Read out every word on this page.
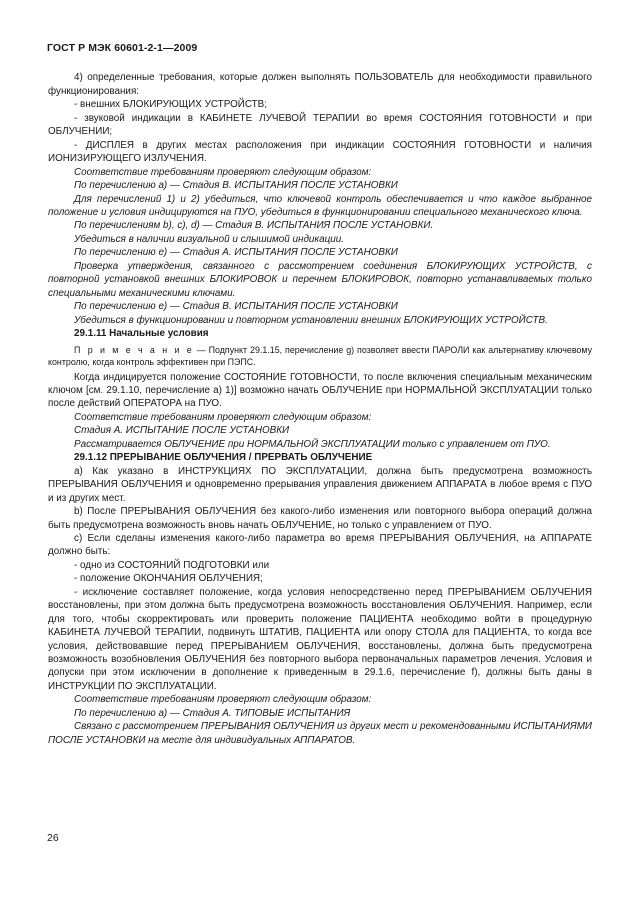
ГОСТ Р МЭК 60601-2-1—2009

4) определенные требования, которые должен выполнять ПОЛЬЗОВАТЕЛЬ для необходимости правильного функционирования:

- внешних БЛОКИРУЮЩИХ УСТРОЙСТВ;

- звуковой индикации в КАБИНЕТЕ ЛУЧЕВОЙ ТЕРАПИИ во время СОСТОЯНИЯ ГОТОВНОСТИ и при ОБЛУЧЕНИИ;

- ДИСПЛЕЯ в других местах расположения при индикации СОСТОЯНИЯ ГОТОВНОСТИ и наличия ИОНИЗИРУЮЩЕГО ИЗЛУЧЕНИЯ.

Соответствие требованиям проверяют следующим образом:

По перечислению а) — Стадия В. ИСПЫТАНИЯ ПОСЛЕ УСТАНОВКИ

Для перечислений 1) и 2) убедиться, что ключевой контроль обеспечивается и что каждое выбранное положение и условия индицируются на ПУО, убедиться в функционировании специального механического ключа.

По перечислениям b), c), d) — Стадия В. ИСПЫТАНИЯ ПОСЛЕ УСТАНОВКИ.

Убедиться в наличии визуальной и слышимой индикации.

По перечислению е) — Стадия А. ИСПЫТАНИЯ ПОСЛЕ УСТАНОВКИ

Проверка утверждения, связанного с рассмотрением соединения БЛОКИРУЮЩИХ УСТРОЙСТВ, с повторной установкой внешних БЛОКИРОВОК и перечнем БЛОКИРОВОК, повторно устанавливаемых только специальными механическими ключами.

По перечислению е) — Стадия В. ИСПЫТАНИЯ ПОСЛЕ УСТАНОВКИ

Убедиться в функционировании и повторном установлении внешних БЛОКИРУЮЩИХ УСТРОЙСТВ.

29.1.11 Начальные условия

П р и м е ч а н и е — Подпункт 29.1.15, перечисление g) позволяет ввести ПАРОЛИ как альтернативу ключевому контролю, когда контроль эффективен при ПЭПС.

Когда индицируется положение СОСТОЯНИЕ ГОТОВНОСТИ, то после включения специальным механическим ключом [см. 29.1.10, перечисление а) 1)] возможно начать ОБЛУЧЕНИЕ при НОРМАЛЬНОЙ ЭКСПЛУАТАЦИИ только после действий ОПЕРАТОРА на ПУО.

Соответствие требованиям проверяют следующим образом:

Стадия А. ИСПЫТАНИЕ ПОСЛЕ УСТАНОВКИ

Рассматривается ОБЛУЧЕНИЕ при НОРМАЛЬНОЙ ЭКСПЛУАТАЦИИ только с управлением от ПУО.

29.1.12 ПРЕРЫВАНИЕ ОБЛУЧЕНИЯ / ПРЕРВАТЬ ОБЛУЧЕНИЕ

a) Как указано в ИНСТРУКЦИЯХ ПО ЭКСПЛУАТАЦИИ, должна быть предусмотрена возможность ПРЕРЫВАНИЯ ОБЛУЧЕНИЯ и одновременно прерывания управления движением АППАРАТА в любое время с ПУО и из других мест.

b) После ПРЕРЫВАНИЯ ОБЛУЧЕНИЯ без какого-либо изменения или повторного выбора операций должна быть предусмотрена возможность вновь начать ОБЛУЧЕНИЕ, но только с управлением от ПУО.

c) Если сделаны изменения какого-либо параметра во время ПРЕРЫВАНИЯ ОБЛУЧЕНИЯ, на АППАРАТЕ должно быть:

- одно из СОСТОЯНИЙ ПОДГОТОВКИ или

- положение ОКОНЧАНИЯ ОБЛУЧЕНИЯ;

- исключение составляет положение, когда условия непосредственно перед ПРЕРЫВАНИЕМ ОБЛУЧЕНИЯ восстановлены, при этом должна быть предусмотрена возможность восстановления ОБЛУЧЕНИЯ. Например, если для того, чтобы скорректировать или проверить положение ПАЦИЕНТА необходимо войти в процедурную КАБИНЕТА ЛУЧЕВОЙ ТЕРАПИИ, подвинуть ШТАТИВ, ПАЦИЕНТА или опору СТОЛА для ПАЦИЕНТА, то когда все условия, действовавшие перед ПРЕРЫВАНИЕМ ОБЛУЧЕНИЯ, восстановлены, должна быть предусмотрена возможность возобновления ОБЛУЧЕНИЯ без повторного выбора первоначальных параметров лечения. Условия и допуски при этом исключении в дополнение к приведенным в 29.1.6, перечисление f), должны быть даны в ИНСТРУКЦИИ ПО ЭКСПЛУАТАЦИИ.

Соответствие требованиям проверяют следующим образом:

По перечислению а) — Стадия А. ТИПОВЫЕ ИСПЫТАНИЯ

Связано с рассмотрением ПРЕРЫВАНИЯ ОБЛУЧЕНИЯ из других мест и рекомендованными ИСПЫТАНИЯМИ ПОСЛЕ УСТАНОВКИ на месте для индивидуальных АППАРАТОВ.

26
